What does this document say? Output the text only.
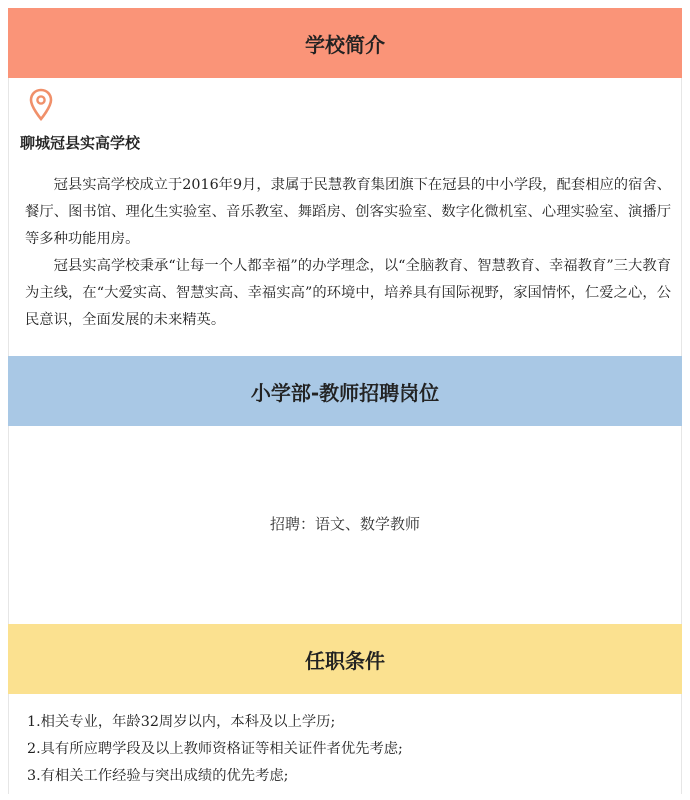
学校简介
聊城冠县实高学校

冠县实高学校成立于2016年9月，隶属于民慧教育集团旗下在冠县的中小学段，配套相应的宿舍、餐厅、图书馆、理化生实验室、音乐教室、舞蹈房、创客实验室、数字化微机室、心理实验室、演播厅等多种功能用房。

冠县实高学校秉承“让每一个人都幸福”的办学理念，以“全脑教育、智慧教育、幸福教育”三大教育为主线，在“大爱实高、智慧实高、幸福实高”的环境中，培养具有国际视野，家国情怀，仁爱之心，公民意识，全面发展的未来精英。

小学部-教师招聘岗位
招聘：语文、数学教师
任职条件
1.相关专业，年龄32周岁以内，本科及以上学历;
2.具有所应聘学段及以上教师资格证等相关证件者优先考虑;
3.有相关工作经验与突出成绩的优先考虑;
